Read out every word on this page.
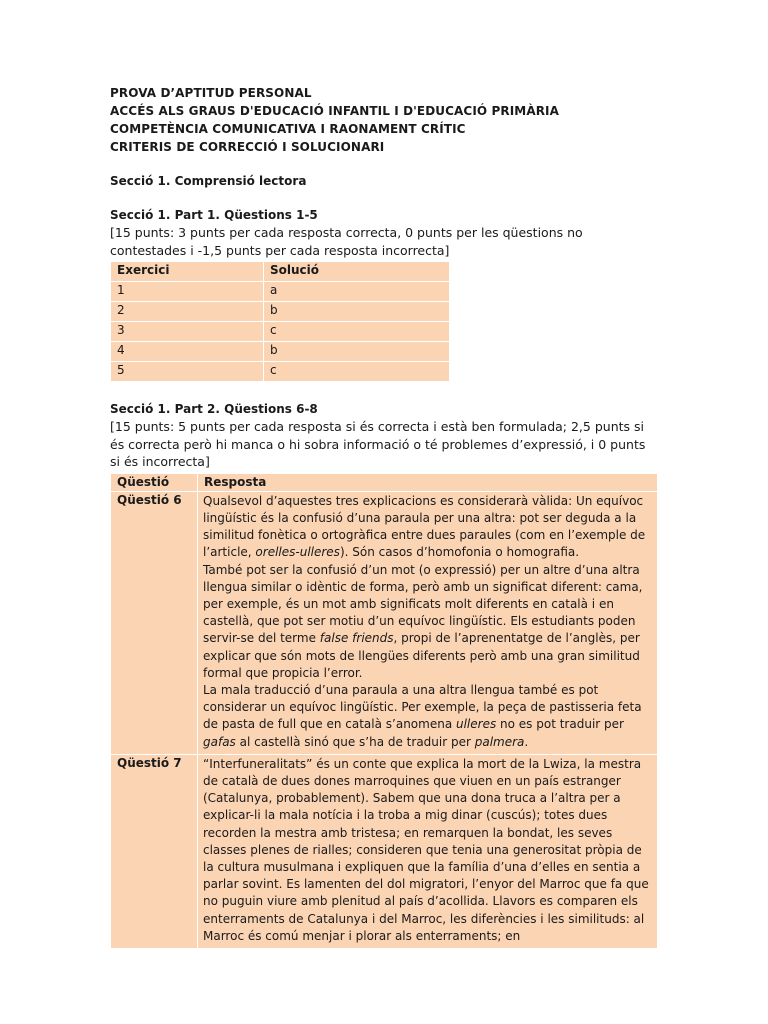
PROVA D’APTITUD PERSONAL
ACCÉS ALS GRAUS D'EDUCACIÓ INFANTIL I D'EDUCACIÓ PRIMÀRIA
COMPETÈNCIA COMUNICATIVA I RAONAMENT CRÍTIC
CRITERIS DE CORRECCIÓ I SOLUCIONARI
Secció 1. Comprensió lectora
Secció 1. Part 1. Qüestions 1-5
[15 punts: 3 punts per cada resposta correcta, 0 punts per les qüestions no contestades i -1,5 punts per cada resposta incorrecta]
Exercici	Solució
1	a
2	b
3	c
4	b
5	c
Secció 1. Part 2. Qüestions 6-8
[15 punts: 5 punts per cada resposta si és correcta i està ben formulada; 2,5 punts si és correcta però hi manca o hi sobra informació o té problemes d’expressió, i 0 punts si és incorrecta]
Qüestió	Resposta
Qüestió 6	Qualsevol d’aquestes tres explicacions es considerarà vàlida: Un equívoc lingüístic és la confusió d’una paraula per una altra: pot ser deguda a la similitud fonètica o ortogràfica entre dues paraules (com en l’exemple de l’article, orelles-ulleres). Són casos d’homofonia o homografia.
També pot ser la confusió d’un mot (o expressió) per un altre d’una altra llengua similar o idèntic de forma, però amb un significat diferent: cama, per exemple, és un mot amb significats molt diferents en català i en castellà, que pot ser motiu d’un equívoc lingüístic. Els estudiants poden servir-se del terme false friends, propi de l’aprenentatge de l’anglès, per explicar que són mots de llengües diferents però amb una gran similitud formal que propicia l’error.
La mala traducció d’una paraula a una altra llengua també es pot considerar un equívoc lingüístic. Per exemple, la peça de pastisseria feta de pasta de full que en català s’anomena ulleres no es pot traduir per gafas al castellà sinó que s’ha de traduir per palmera.

Qüestió 7	“Interfuneralitats” és un conte que explica la mort de la Lwiza, la mestra de català de dues dones marroquines que viuen en un país estranger (Catalunya, probablement). Sabem que una dona truca a l’altra per a explicar-li la mala notícia i la troba a mig dinar (cuscús); totes dues recorden la mestra amb tristesa; en remarquen la bondat, les seves classes plenes de rialles; consideren que tenia una generositat pròpia de la cultura musulmana i expliquen que la família d’una d’elles en sentia a parlar sovint. Es lamenten del dol migratori, l’enyor del Marroc que fa que no puguin viure amb plenitud al país d’acollida. Llavors es comparen els enterraments de Catalunya i del Marroc, les diferències i les similituds: al Marroc és comú menjar i plorar als enterraments; en
